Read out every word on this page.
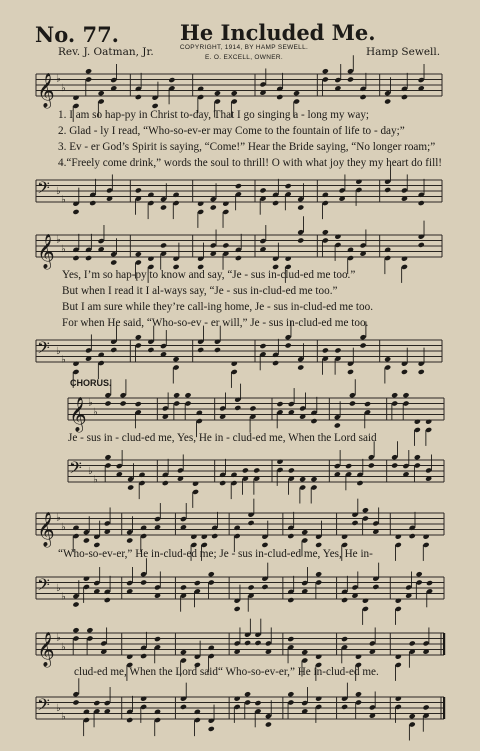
No. 77.	He Included Me.
Rev. J. Oatman, Jr.	COPYRIGHT, 1914, BY HAMP SEWELL.
E. O. EXCELL, OWNER.	Hamp Sewell.
𝄞 ♭
♭
𝄢 ♭
♭
𝄞 ♭
♭
𝄢 ♭
♭
𝄞 ♭
♭
𝄢 ♭
♭
𝄞 ♭
♭
𝄢 ♭
♭
𝄞 ♭
♭
𝄢 ♭
♭
1. I am so hap-py in Christ to-day, That I go singing a - long my way;
2. Glad - ly I read, “Who-so-ev-er may Come to the fountain of life to - day;”
3. Ev - er God’s Spirit is saying, “Come!” Hear the Bride saying, “No longer roam;”
4.“Freely come drink,” words the soul to thrill! O with what joy they my heart do fill!
Yes, I’m so hap-py to know and say, “Je - sus in-clud-ed me too.”
But when I read it I al-ways say, “Je - sus in-clud-ed me too.”
But I am sure while they’re call-ing home, Je - sus in-clud-ed me too.
For when He said, “Who-so-ev - er will,” Je - sus in-clud-ed me too.
CHORUS.
Je - sus in - clud-ed me, Yes, He in - clud-ed me, When the Lord said
“Who-so-ev-er,” He in-clud-ed me; Je - sus in-clud-ed me, Yes, He in-
clud-ed me, When the Lord said“ Who-so-ev-er,” He in-clud-ed me.
